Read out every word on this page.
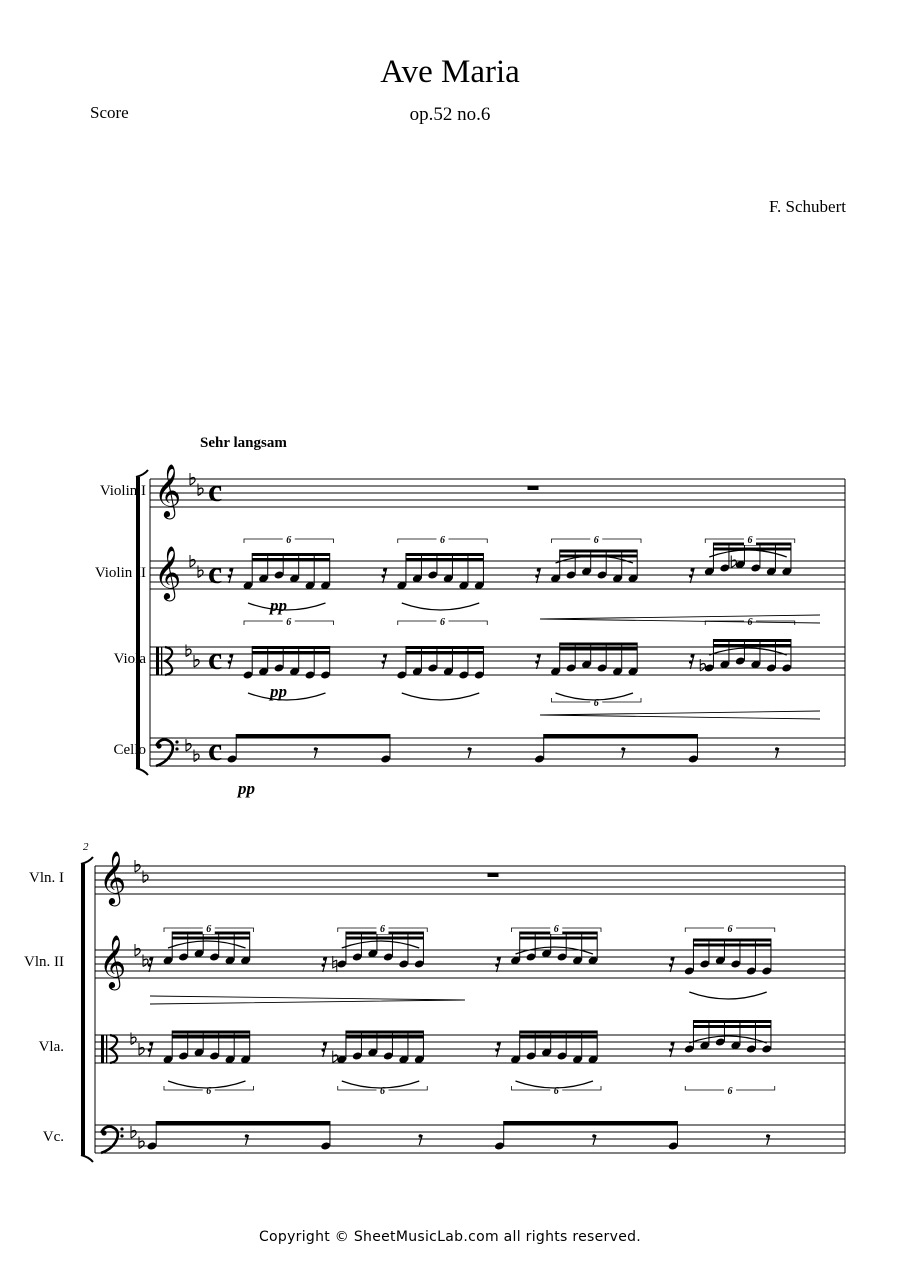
Ave Maria
op.52 no.6
Score
F. Schubert
Sehr langsam
Violin I
Violin II
Viola
Cello
𝄞
𝄞
c
c
c
c
6	6	6	6
6	6
6
6
pp
pp
pp
Vln. I
Vln. II
Vla.
Vc.
2
𝄞
𝄞
6	6	6	6
6	6	6	6
Copyright © SheetMusicLab.com all rights reserved.
